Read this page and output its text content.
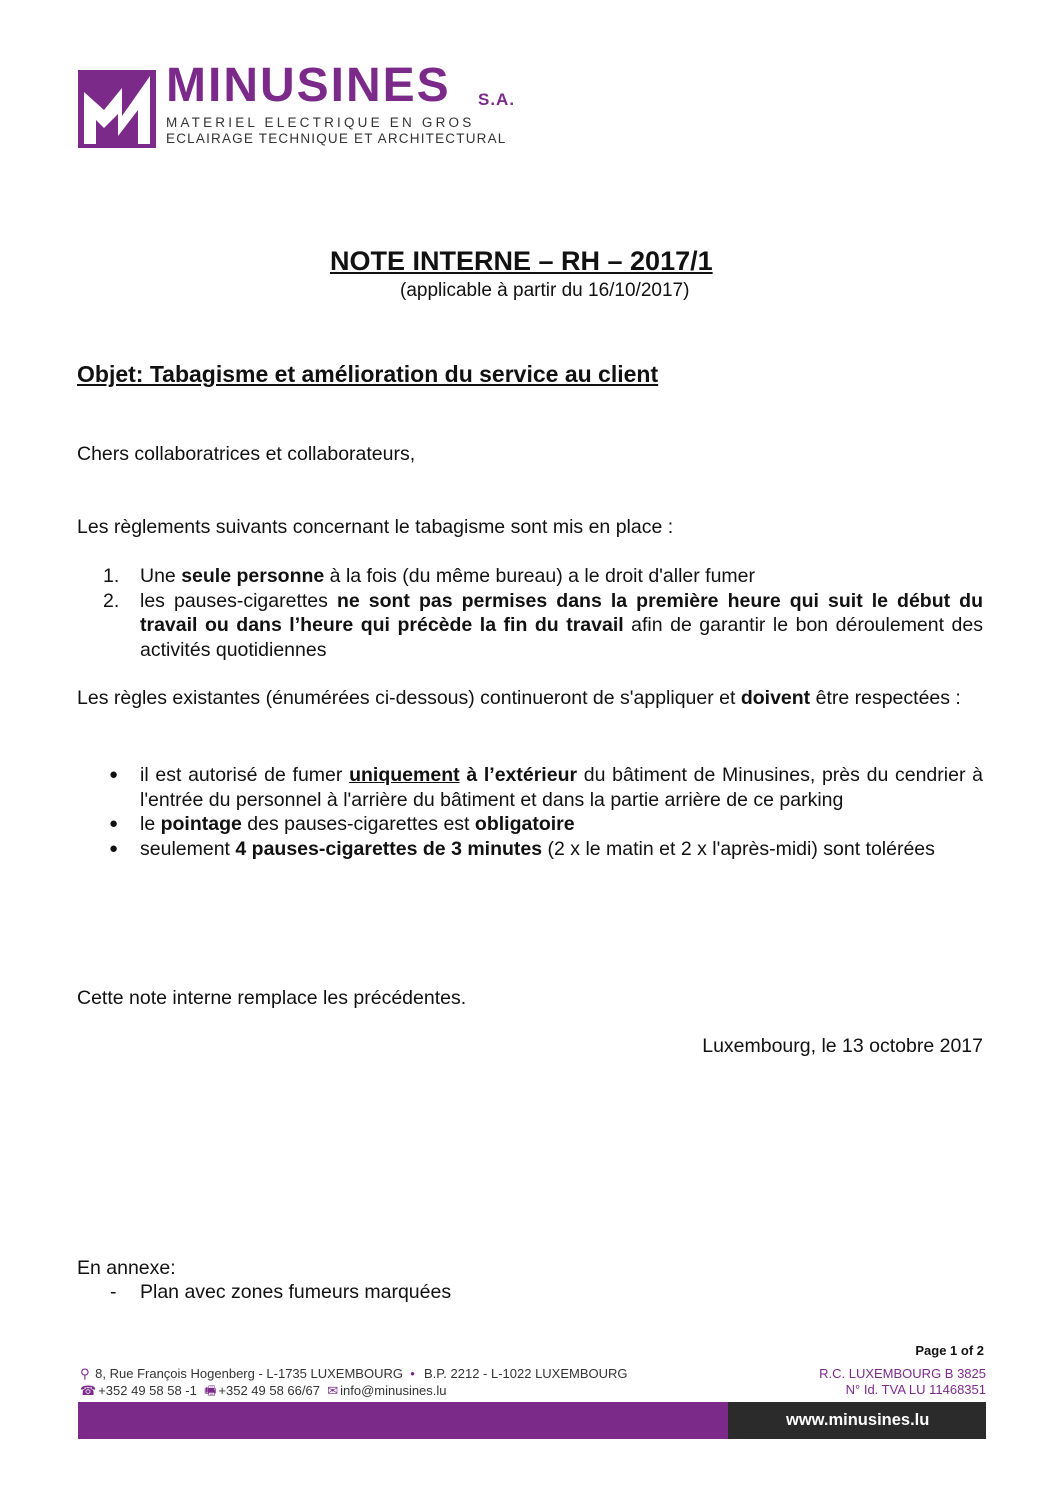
MINUSINES S.A.
MATERIEL ELECTRIQUE EN GROS
ECLAIRAGE TECHNIQUE ET ARCHITECTURAL
NOTE INTERNE – RH – 2017/1
(applicable à partir du 16/10/2017)
Objet: Tabagisme et amélioration du service au client
Chers collaboratrices et collaborateurs,
Les règlements suivants concernant le tabagisme sont mis en place :
1.	Une seule personne à la fois (du même bureau) a le droit d'aller fumer
2.	les pauses-cigarettes ne sont pas permises dans la première heure qui suit le début du travail ou dans l’heure qui précède la fin du travail afin de garantir le bon déroulement des activités quotidiennes
Les règles existantes (énumérées ci-dessous) continueront de s'appliquer et doivent être respectées :
●	il est autorisé de fumer uniquement à l’extérieur du bâtiment de Minusines, près du cendrier à l'entrée du personnel à l'arrière du bâtiment et dans la partie arrière de ce parking
●	le pointage des pauses-cigarettes est obligatoire
●	seulement 4 pauses-cigarettes de 3 minutes (2 x le matin et 2 x l'après-midi) sont tolérées
Cette note interne remplace les précédentes.
Luxembourg, le 13 octobre 2017
En annexe:
- Plan avec zones fumeurs marquées
Page 1 of 2
⚲ 8, Rue François Hogenberg - L-1735 LUXEMBOURG  •  B.P. 2212 - L-1022 LUXEMBOURG
☎ +352 49 58 58 -1  🖷 +352 49 58 66/67  ✉ info@minusines.lu
R.C. LUXEMBOURG B 3825
N° Id. TVA LU 11468351
www.minusines.lu
